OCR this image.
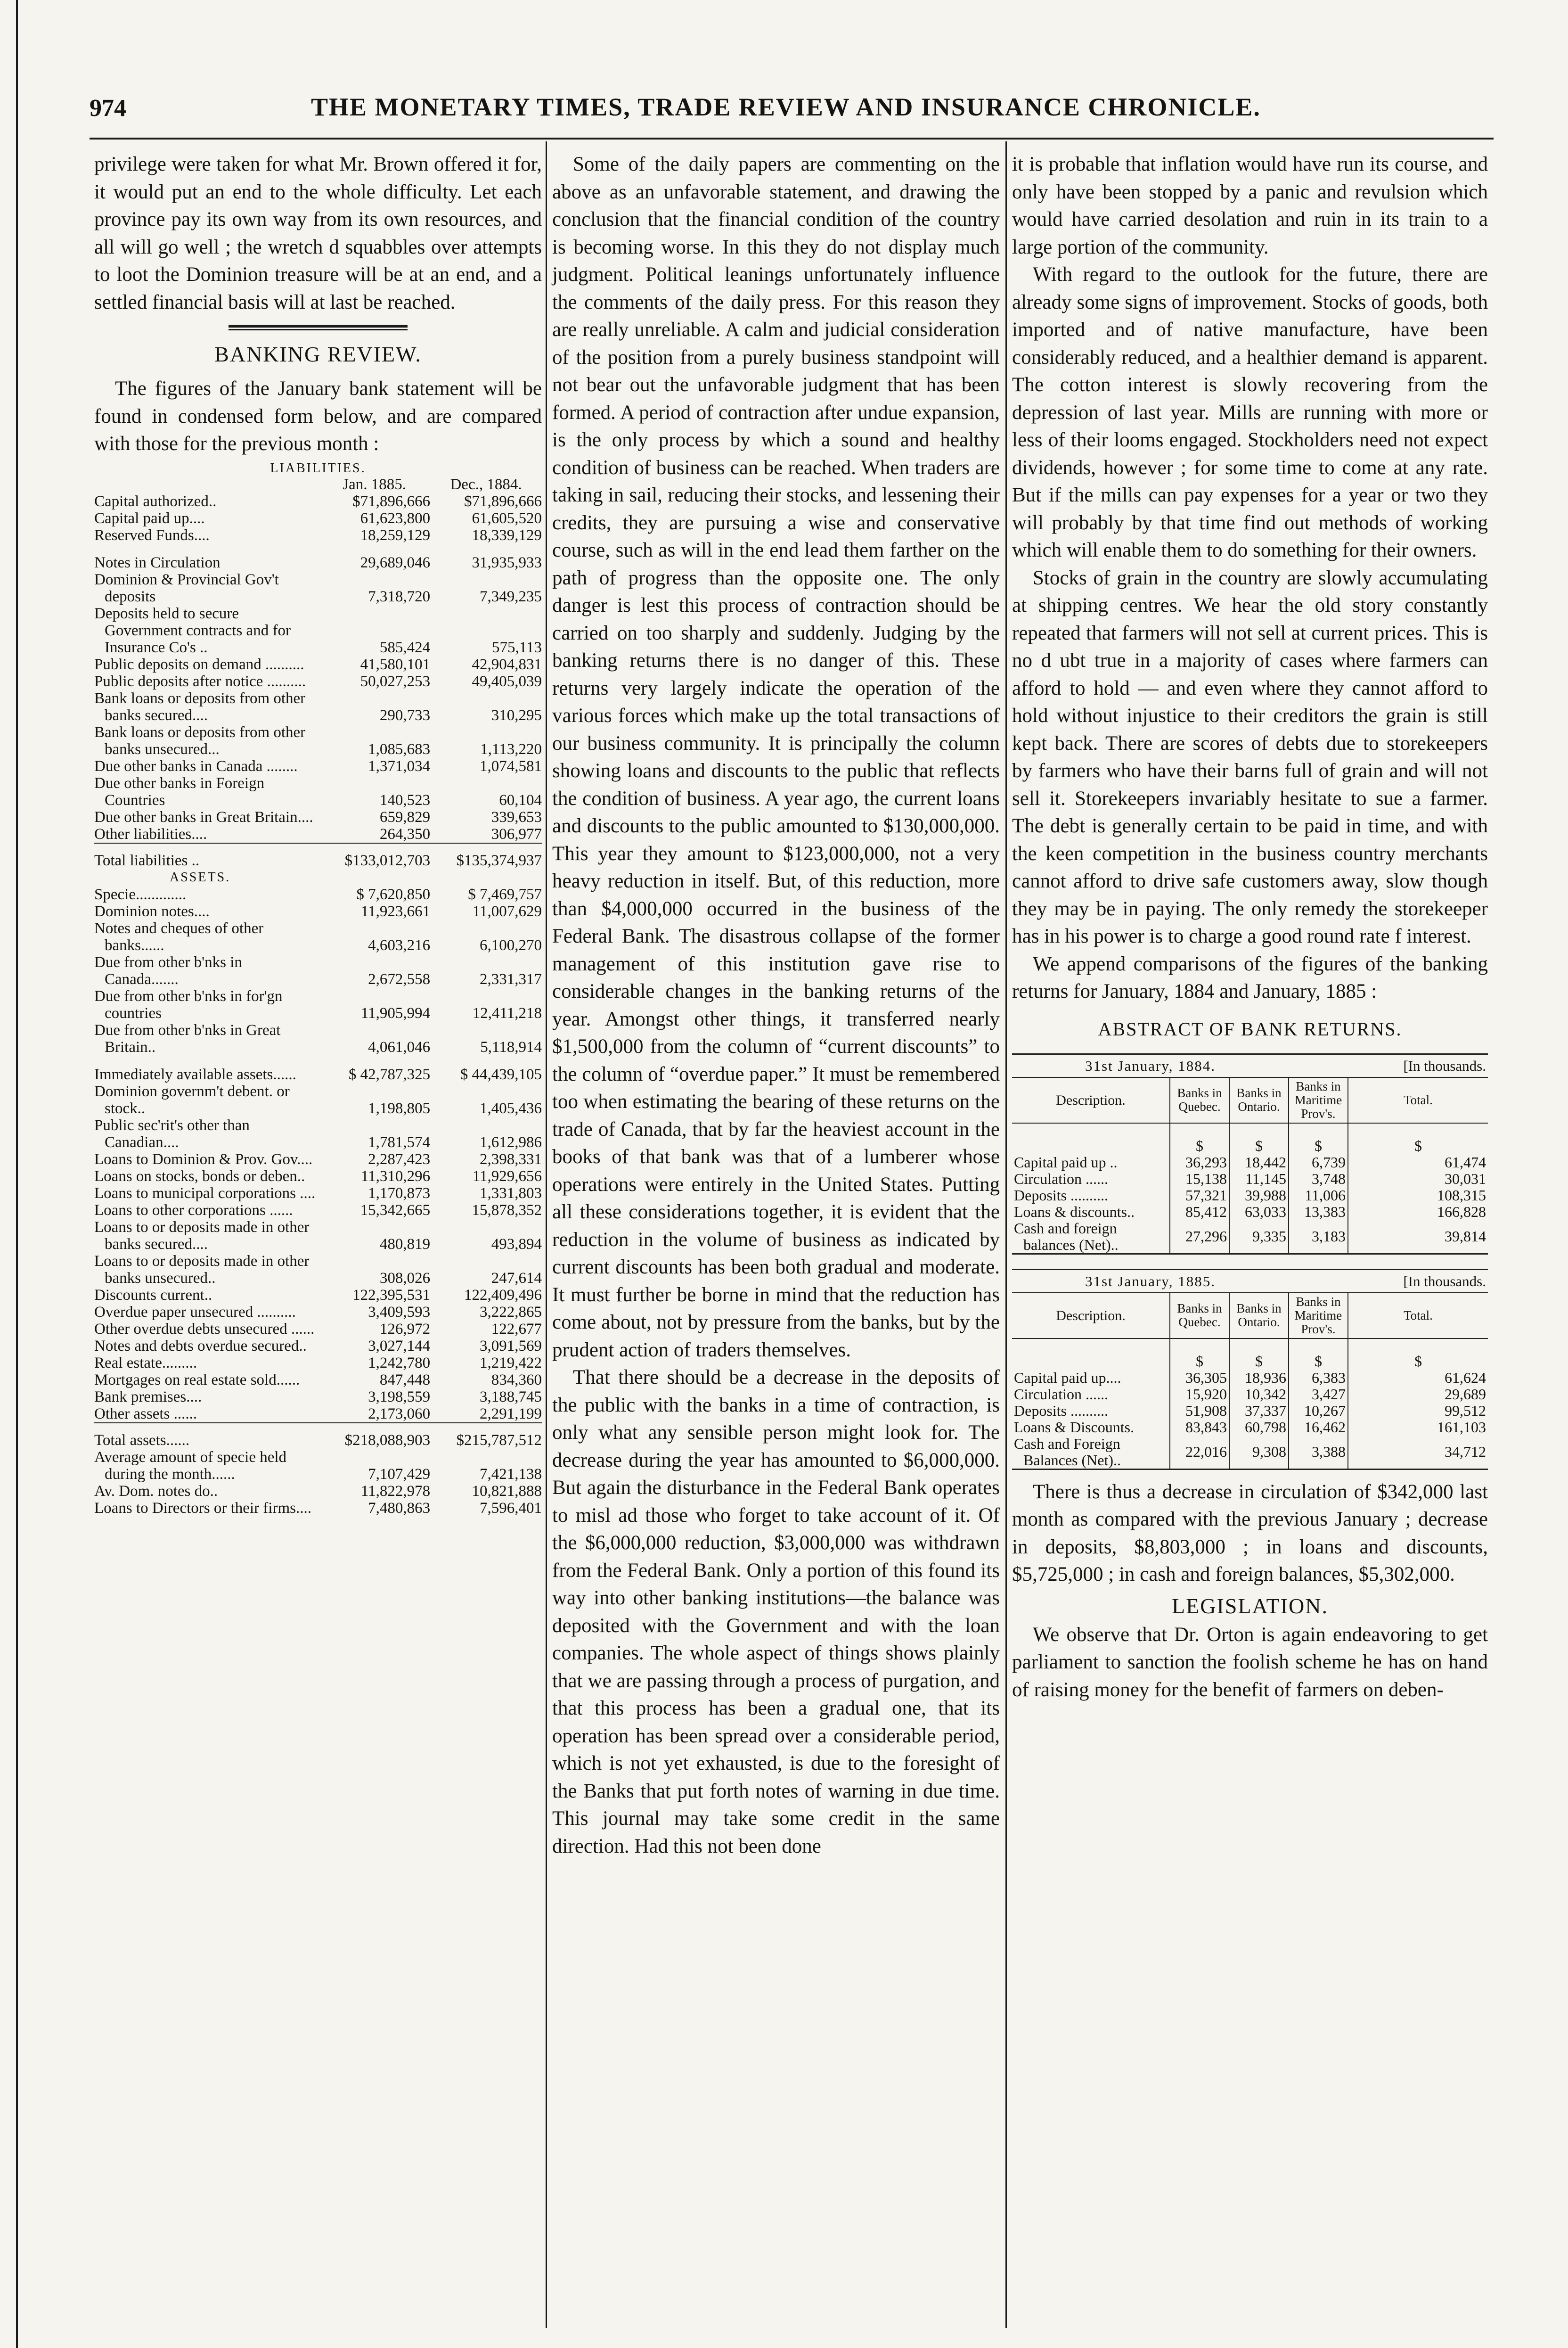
974	THE MONETARY TIMES, TRADE REVIEW AND INSURANCE CHRONICLE.

privilege were taken for what Mr. Brown offered it for, it would put an end to the whole difficulty. Let each province pay its own way from its own resources, and all will go well ; the wretch d squabbles over attempts to loot the Dominion treasure will be at an end, and a settled financial basis will at last be reached.

BANKING REVIEW.

The figures of the January bank statement will be found in condensed form below, and are compared with those for the previous month :

LIABILITIES.
	Jan. 1885.	Dec., 1884.
Capital authorized..	$71,896,666	$71,896,666
Capital paid up....	61,623,800	61,605,520
Reserved Funds....	18,259,129	18,339,129
Notes in Circulation	29,689,046	31,935,933
Dominion & Provincial Gov't deposits	7,318,720	7,349,235
Deposits held to secure Government contracts and for Insurance Co's ..	585,424	575,113
Public deposits on demand ..........	41,580,101	42,904,831
Public deposits after notice ..........	50,027,253	49,405,039
Bank loans or deposits from other banks secured....	290,733	310,295
Bank loans or deposits from other banks unsecured...	1,085,683	1,113,220
Due other banks in Canada ........	1,371,034	1,074,581
Due other banks in Foreign Countries	140,523	60,104
Due other banks in Great Britain....	659,829	339,653
Other liabilities....	264,350	306,977
Total liabilities ..	$133,012,703	$135,374,937
ASSETS.		
Specie.............	$ 7,620,850	$ 7,469,757
Dominion notes....	11,923,661	11,007,629
Notes and cheques of other banks......	4,603,216	6,100,270
Due from other b'nks in Canada.......	2,672,558	2,331,317
Due from other b'nks in for'gn countries	11,905,994	12,411,218
Due from other b'nks in Great Britain..	4,061,046	5,118,914
Immediately available assets......	$ 42,787,325	$ 44,439,105
Dominion governm't debent. or stock..	1,198,805	1,405,436
Public sec'rit's other than Canadian....	1,781,574	1,612,986
Loans to Dominion & Prov. Gov....	2,287,423	2,398,331
Loans on stocks, bonds or deben..	11,310,296	11,929,656
Loans to municipal corporations ....	1,170,873	1,331,803
Loans to other corporations ......	15,342,665	15,878,352
Loans to or deposits made in other banks secured....	480,819	493,894
Loans to or deposits made in other banks unsecured..	308,026	247,614
Discounts current..	122,395,531	122,409,496
Overdue paper unsecured ..........	3,409,593	3,222,865
Other overdue debts unsecured ......	126,972	122,677
Notes and debts overdue secured..	3,027,144	3,091,569
Real estate.........	1,242,780	1,219,422
Mortgages on real estate sold......	847,448	834,360
Bank premises....	3,198,559	3,188,745
Other assets ......	2,173,060	2,291,199
Total assets......	$218,088,903	$215,787,512
Average amount of specie held during the month......	7,107,429	7,421,138
Av. Dom. notes do..	11,822,978	10,821,888
Loans to Directors or their firms....	7,480,863	7,596,401

Some of the daily papers are commenting on the above as an unfavorable statement, and drawing the conclusion that the financial condition of the country is becoming worse. In this they do not display much judgment. Political leanings unfortunately influence the comments of the daily press. For this reason they are really unreliable. A calm and judicial consideration of the position from a purely business standpoint will not bear out the unfavorable judgment that has been formed. A period of contraction after undue expansion, is the only process by which a sound and healthy condition of business can be reached. When traders are taking in sail, reducing their stocks, and lessening their credits, they are pursuing a wise and conservative course, such as will in the end lead them farther on the path of progress than the opposite one. The only danger is lest this process of contraction should be carried on too sharply and suddenly. Judging by the banking returns there is no danger of this. These returns very largely indicate the operation of the various forces which make up the total transactions of our business community. It is principally the column showing loans and discounts to the public that reflects the condition of business. A year ago, the current loans and discounts to the public amounted to $130,000,000. This year they amount to $123,000,000, not a very heavy reduction in itself. But, of this reduction, more than $4,000,000 occurred in the business of the Federal Bank. The disastrous collapse of the former management of this institution gave rise to considerable changes in the banking returns of the year. Amongst other things, it transferred nearly $1,500,000 from the column of “current discounts” to the column of “overdue paper.” It must be remembered too when estimating the bearing of these returns on the trade of Canada, that by far the heaviest account in the books of that bank was that of a lumberer whose operations were entirely in the United States. Putting all these considerations together, it is evident that the reduction in the volume of business as indicated by current discounts has been both gradual and moderate. It must further be borne in mind that the reduction has come about, not by pressure from the banks, but by the prudent action of traders themselves.

That there should be a decrease in the deposits of the public with the banks in a time of contraction, is only what any sensible person might look for. The decrease during the year has amounted to $6,000,000. But again the disturbance in the Federal Bank operates to misl ad those who forget to take account of it. Of the $6,000,000 reduction, $3,000,000 was withdrawn from the Federal Bank. Only a portion of this found its way into other banking institutions—the balance was deposited with the Government and with the loan companies. The whole aspect of things shows plainly that we are passing through a process of purgation, and that this process has been a gradual one, that its operation has been spread over a considerable period, which is not yet exhausted, is due to the foresight of the Banks that put forth notes of warning in due time. This journal may take some credit in the same direction. Had this not been done

it is probable that inflation would have run its course, and only have been stopped by a panic and revulsion which would have carried desolation and ruin in its train to a large portion of the community.

With regard to the outlook for the future, there are already some signs of improvement. Stocks of goods, both imported and of native manufacture, have been considerably reduced, and a healthier demand is apparent. The cotton interest is slowly recovering from the depression of last year. Mills are running with more or less of their looms engaged. Stockholders need not expect dividends, however ; for some time to come at any rate. But if the mills can pay expenses for a year or two they will probably by that time find out methods of working which will enable them to do something for their owners.

Stocks of grain in the country are slowly accumulating at shipping centres. We hear the old story constantly repeated that farmers will not sell at current prices. This is no d ubt true in a majority of cases where farmers can afford to hold — and even where they cannot afford to hold without injustice to their creditors the grain is still kept back. There are scores of debts due to storekeepers by farmers who have their barns full of grain and will not sell it. Storekeepers invariably hesitate to sue a farmer. The debt is generally certain to be paid in time, and with the keen competition in the business country merchants cannot afford to drive safe customers away, slow though they may be in paying. The only remedy the storekeeper has in his power is to charge a good round rate f interest.

We append comparisons of the figures of the banking returns for January, 1884 and January, 1885 :

ABSTRACT OF BANK RETURNS.
31st January, 1884.			[In thousands.	
Description.	Banks in Quebec.	Banks in Ontario.	Banks in Maritime Prov's.	Total.
	$	$	$	$
Capital paid up ..	36,293	18,442	6,739	61,474
Circulation ......	15,138	11,145	3,748	30,031
Deposits ..........	57,321	39,988	11,006	108,315
Loans & discounts..	85,412	63,033	13,383	166,828
Cash and foreign balances (Net)..	27,296	9,335	3,183	39,814
31st January, 1885.			[In thousands.	
Description.	Banks in Quebec.	Banks in Ontario.	Banks in Maritime Prov's.	Total.
	$	$	$	$
Capital paid up....	36,305	18,936	6,383	61,624
Circulation ......	15,920	10,342	3,427	29,689
Deposits ..........	51,908	37,337	10,267	99,512
Loans & Discounts.	83,843	60,798	16,462	161,103
Cash and Foreign Balances (Net)..	22,016	9,308	3,388	34,712

There is thus a decrease in circulation of $342,000 last month as compared with the previous January ; decrease in deposits, $8,803,000 ; in loans and discounts, $5,725,000 ; in cash and foreign balances, $5,302,000.

LEGISLATION.

We observe that Dr. Orton is again endeavoring to get parliament to sanction the foolish scheme he has on hand of raising money for the benefit of farmers on deben-
